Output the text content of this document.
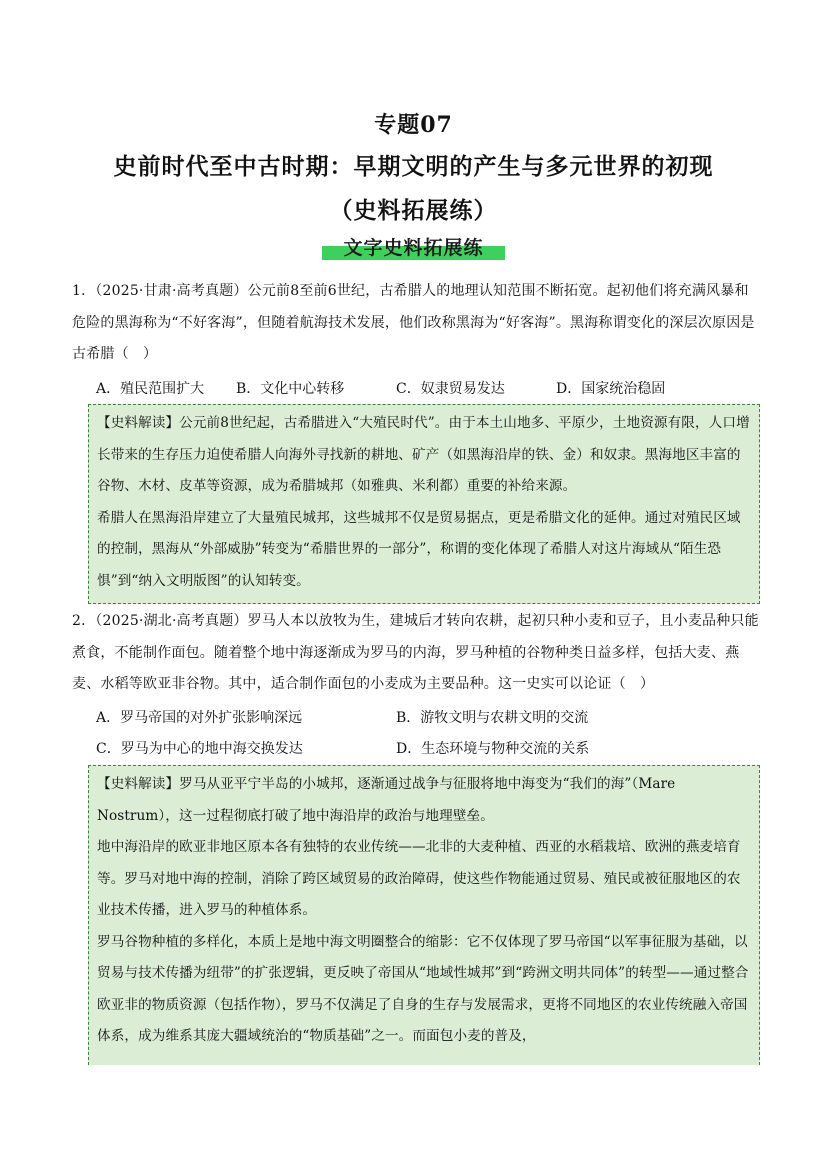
专题07
史前时代至中古时期：早期文明的产生与多元世界的初现
（史料拓展练）
文字史料拓展练
1．（2025·甘肃·高考真题）公元前8至前6世纪，古希腊人的地理认知范围不断拓宽。起初他们将充满风暴和危险的黑海称为“不好客海”，但随着航海技术发展，他们改称黑海为“好客海”。黑海称谓变化的深层次原因是古希腊（　）
A．殖民范围扩大 B．文化中心转移	C．奴隶贸易发达	D．国家统治稳固

【史料解读】公元前8世纪起，古希腊进入“大殖民时代”。由于本土山地多、平原少，土地资源有限，人口增长带来的生存压力迫使希腊人向海外寻找新的耕地、矿产（如黑海沿岸的铁、金）和奴隶。黑海地区丰富的谷物、木材、皮革等资源，成为希腊城邦（如雅典、米利都）重要的补给来源。

希腊人在黑海沿岸建立了大量殖民城邦，这些城邦不仅是贸易据点，更是希腊文化的延伸。通过对殖民区域的控制，黑海从“外部威胁”转变为“希腊世界的一部分”，称谓的变化体现了希腊人对这片海域从“陌生恐惧”到“纳入文明版图”的认知转变。

2．（2025·湖北·高考真题）罗马人本以放牧为生，建城后才转向农耕，起初只种小麦和豆子，且小麦品种只能煮食，不能制作面包。随着整个地中海逐渐成为罗马的内海，罗马种植的谷物种类日益多样，包括大麦、燕麦、水稻等欧亚非谷物。其中，适合制作面包的小麦成为主要品种。这一史实可以论证（　）
A．罗马帝国的对外扩张影响深远	B．游牧文明与农耕文明的交流
C．罗马为中心的地中海交换发达	D．生态环境与物种交流的关系

【史料解读】罗马从亚平宁半岛的小城邦，逐渐通过战争与征服将地中海变为“我们的海”（Mare Nostrum），这一过程彻底打破了地中海沿岸的政治与地理壁垒。

地中海沿岸的欧亚非地区原本各有独特的农业传统——北非的大麦种植、西亚的水稻栽培、欧洲的燕麦培育等。罗马对地中海的控制，消除了跨区域贸易的政治障碍，使这些作物能通过贸易、殖民或被征服地区的农业技术传播，进入罗马的种植体系。

罗马谷物种植的多样化，本质上是地中海文明圈整合的缩影：它不仅体现了罗马帝国“以军事征服为基础，以贸易与技术传播为纽带”的扩张逻辑，更反映了帝国从“地域性城邦”到“跨洲文明共同体”的转型——通过整合欧亚非的物质资源（包括作物），罗马不仅满足了自身的生存与发展需求，更将不同地区的农业传统融入帝国体系，成为维系其庞大疆域统治的“物质基础”之一。而面包小麦的普及，
